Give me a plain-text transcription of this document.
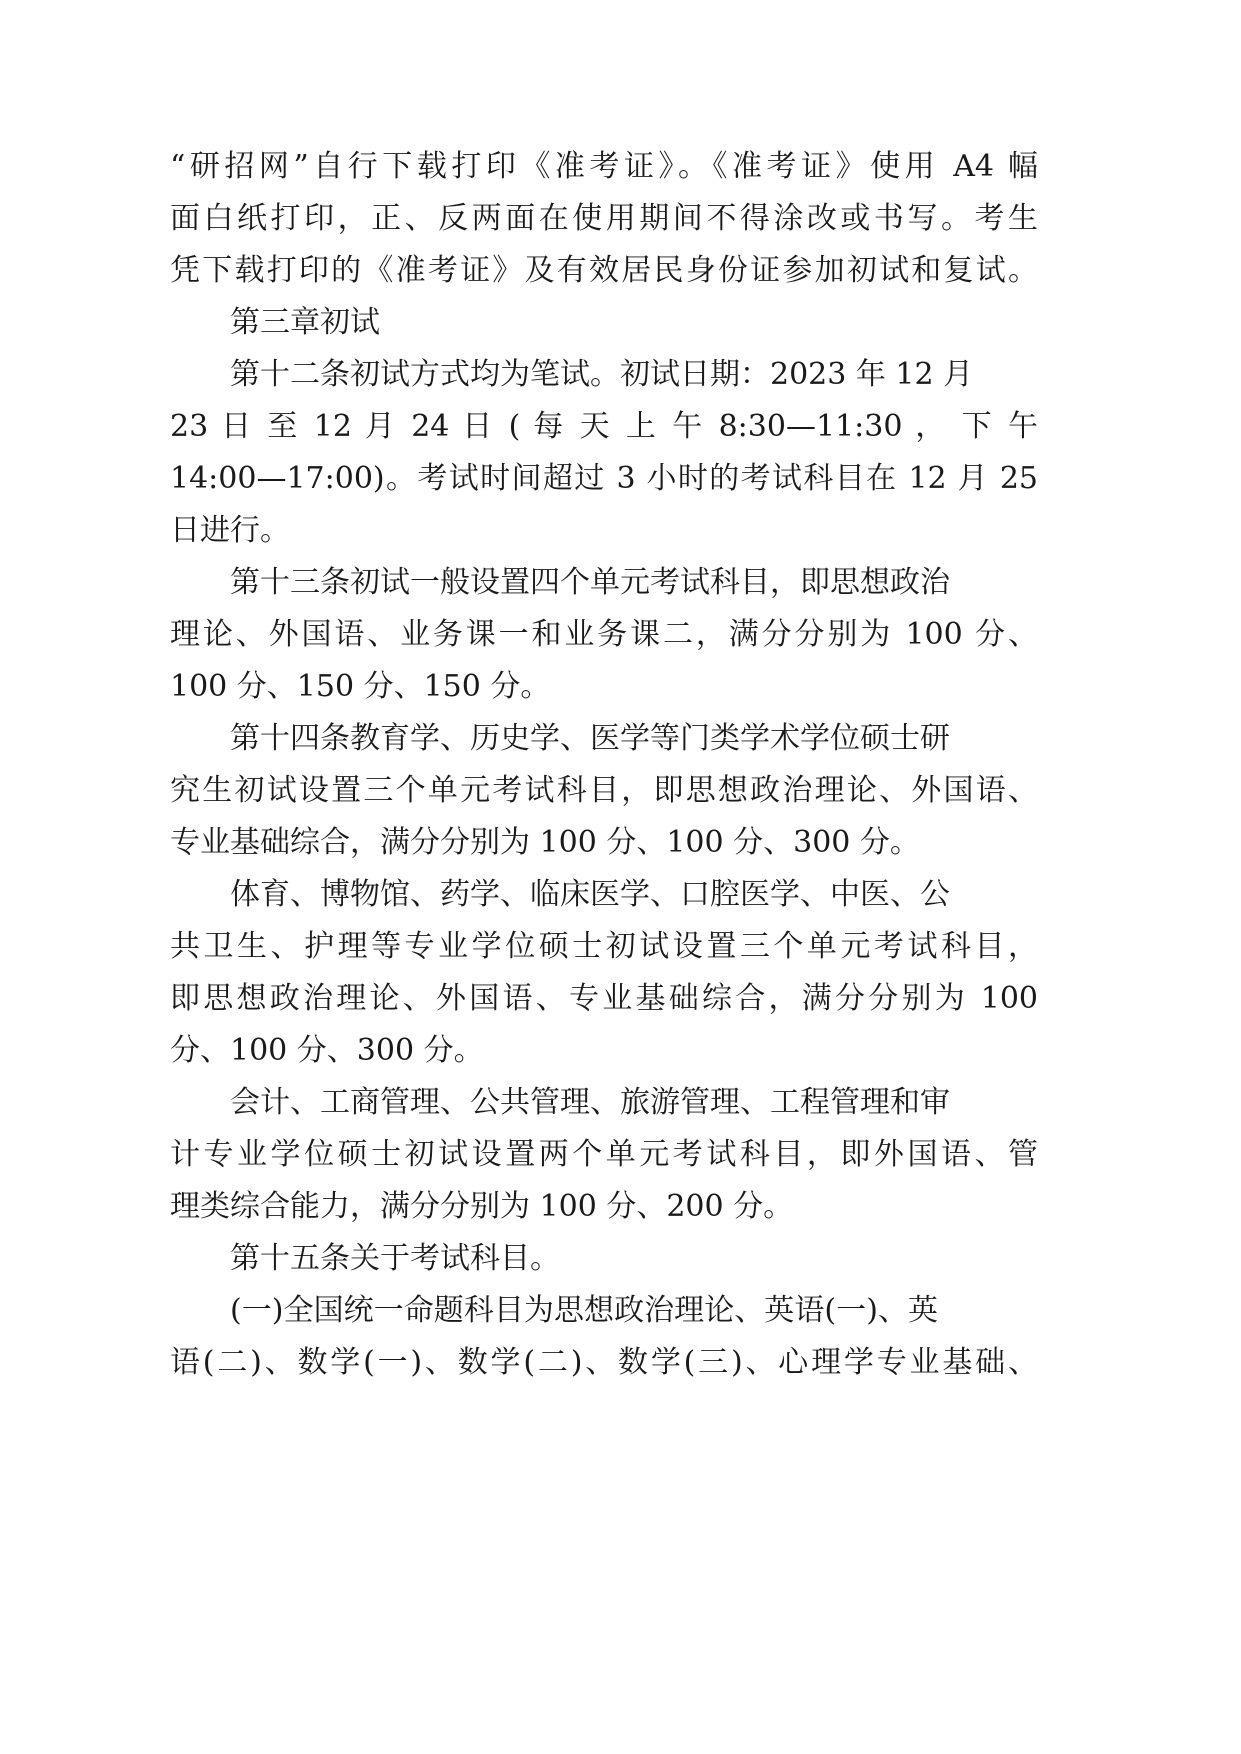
“研招网”自行下载打印《准考证》。《准考证》使用 A4 幅

面白纸打印，正、反两面在使用期间不得涂改或书写。考生

凭下载打印的《准考证》及有效居民身份证参加初试和复试。

第三章初试

第十二条初试方式均为笔试。初试日期：2023 年 12 月

23 日 至 12 月 24 日 ( 每 天 上 午 8:30—11:30 ， 下 午

14:00—17:00)。考试时间超过 3 小时的考试科目在 12 月 25

日进行。

第十三条初试一般设置四个单元考试科目，即思想政治

理论、外国语、业务课一和业务课二，满分分别为 100 分、

100 分、150 分、150 分。

第十四条教育学、历史学、医学等门类学术学位硕士研

究生初试设置三个单元考试科目，即思想政治理论、外国语、

专业基础综合，满分分别为 100 分、100 分、300 分。

体育、博物馆、药学、临床医学、口腔医学、中医、公

共卫生、护理等专业学位硕士初试设置三个单元考试科目，

即思想政治理论、外国语、专业基础综合，满分分别为 100

分、100 分、300 分。

会计、工商管理、公共管理、旅游管理、工程管理和审

计专业学位硕士初试设置两个单元考试科目，即外国语、管

理类综合能力，满分分别为 100 分、200 分。

第十五条关于考试科目。

(一)全国统一命题科目为思想政治理论、英语(一)、英

语(二)、数学(一)、数学(二)、数学(三)、心理学专业基础、
